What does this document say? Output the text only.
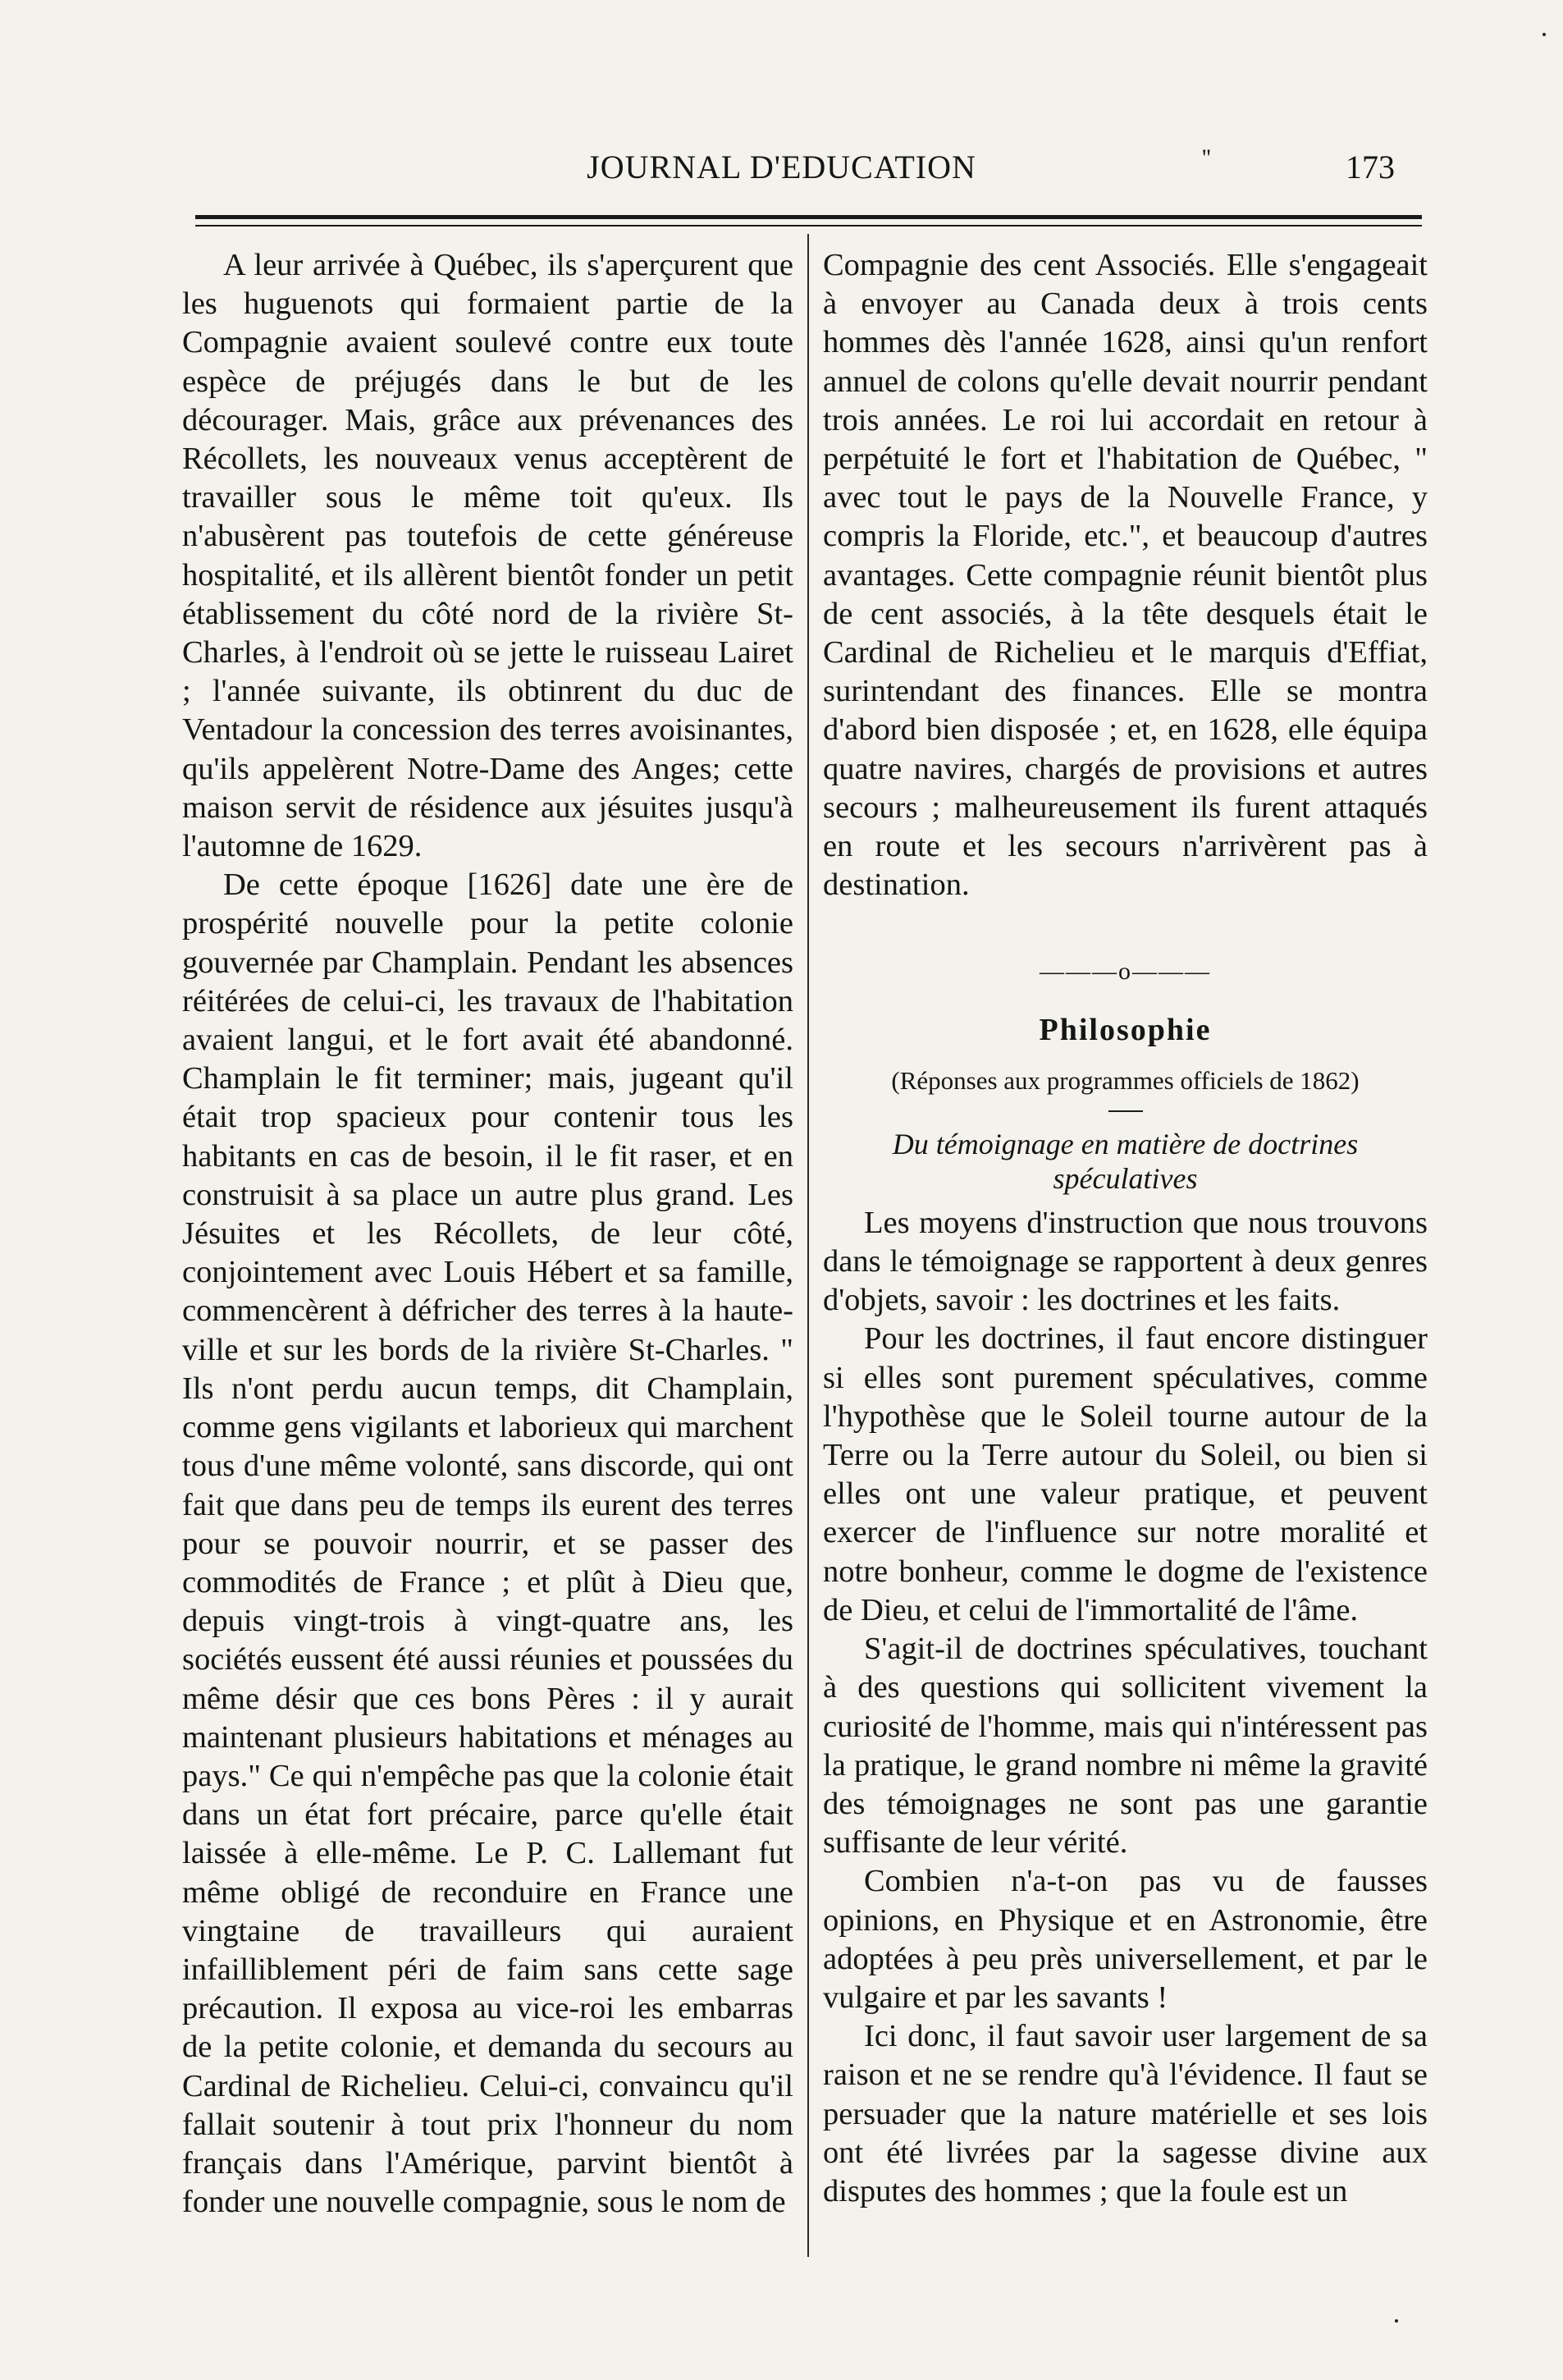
JOURNAL D'EDUCATION	''	173

A leur arrivée à Québec, ils s'aperçurent que les huguenots qui formaient partie de la Compagnie avaient soulevé contre eux toute espèce de préjugés dans le but de les décourager. Mais, grâce aux prévenances des Récollets, les nouveaux venus acceptèrent de travailler sous le même toit qu'eux. Ils n'abusèrent pas toutefois de cette généreuse hospitalité, et ils allèrent bientôt fonder un petit établissement du côté nord de la rivière St-Charles, à l'endroit où se jette le ruisseau Lairet ; l'année suivante, ils obtinrent du duc de Ventadour la concession des terres avoisinantes, qu'ils appelèrent Notre-Dame des Anges; cette maison servit de résidence aux jésuites jusqu'à l'automne de 1629.

De cette époque [1626] date une ère de prospérité nouvelle pour la petite colonie gouvernée par Champlain. Pendant les absences réitérées de celui-ci, les travaux de l'habitation avaient langui, et le fort avait été abandonné. Champlain le fit terminer; mais, jugeant qu'il était trop spacieux pour contenir tous les habitants en cas de besoin, il le fit raser, et en construisit à sa place un autre plus grand. Les Jésuites et les Récollets, de leur côté, conjointement avec Louis Hébert et sa famille, commencèrent à défricher des terres à la haute-ville et sur les bords de la rivière St-Charles. " Ils n'ont perdu aucun temps, dit Champlain, comme gens vigilants et laborieux qui marchent tous d'une même volonté, sans discorde, qui ont fait que dans peu de temps ils eurent des terres pour se pouvoir nourrir, et se passer des commodités de France ; et plût à Dieu que, depuis vingt-trois à vingt-quatre ans, les sociétés eussent été aussi réunies et poussées du même désir que ces bons Pères : il y aurait maintenant plusieurs habitations et ménages au pays." Ce qui n'empêche pas que la colonie était dans un état fort précaire, parce qu'elle était laissée à elle-même. Le P. C. Lallemant fut même obligé de reconduire en France une vingtaine de travailleurs qui auraient infailliblement péri de faim sans cette sage précaution. Il exposa au vice-roi les embarras de la petite colonie, et demanda du secours au Cardinal de Richelieu. Celui-ci, convaincu qu'il fallait soutenir à tout prix l'honneur du nom français dans l'Amérique, parvint bientôt à fonder une nouvelle compagnie, sous le nom de

Compagnie des cent Associés. Elle s'engageait à envoyer au Canada deux à trois cents hommes dès l'année 1628, ainsi qu'un renfort annuel de colons qu'elle devait nourrir pendant trois années. Le roi lui accordait en retour à perpétuité le fort et l'habitation de Québec, " avec tout le pays de la Nouvelle France, y compris la Floride, etc.", et beaucoup d'autres avantages. Cette compagnie réunit bientôt plus de cent associés, à la tête desquels était le Cardinal de Richelieu et le marquis d'Effiat, surintendant des finances. Elle se montra d'abord bien disposée ; et, en 1628, elle équipa quatre navires, chargés de provisions et autres secours ; malheureusement ils furent attaqués en route et les secours n'arrivèrent pas à destination.

———o———
Philosophie
(Réponses aux programmes officiels de 1862)
Du témoignage en matière de doctrines spéculatives

Les moyens d'instruction que nous trouvons dans le témoignage se rapportent à deux genres d'objets, savoir : les doctrines et les faits.

Pour les doctrines, il faut encore distinguer si elles sont purement spéculatives, comme l'hypothèse que le Soleil tourne autour de la Terre ou la Terre autour du Soleil, ou bien si elles ont une valeur pratique, et peuvent exercer de l'influence sur notre moralité et notre bonheur, comme le dogme de l'existence de Dieu, et celui de l'immortalité de l'âme.

S'agit-il de doctrines spéculatives, touchant à des questions qui sollicitent vivement la curiosité de l'homme, mais qui n'intéressent pas la pratique, le grand nombre ni même la gravité des témoignages ne sont pas une garantie suffisante de leur vérité.

Combien n'a-t-on pas vu de fausses opinions, en Physique et en Astronomie, être adoptées à peu près universellement, et par le vulgaire et par les savants !

Ici donc, il faut savoir user largement de sa raison et ne se rendre qu'à l'évidence. Il faut se persuader que la nature matérielle et ses lois ont été livrées par la sagesse divine aux disputes des hommes ; que la foule est un
